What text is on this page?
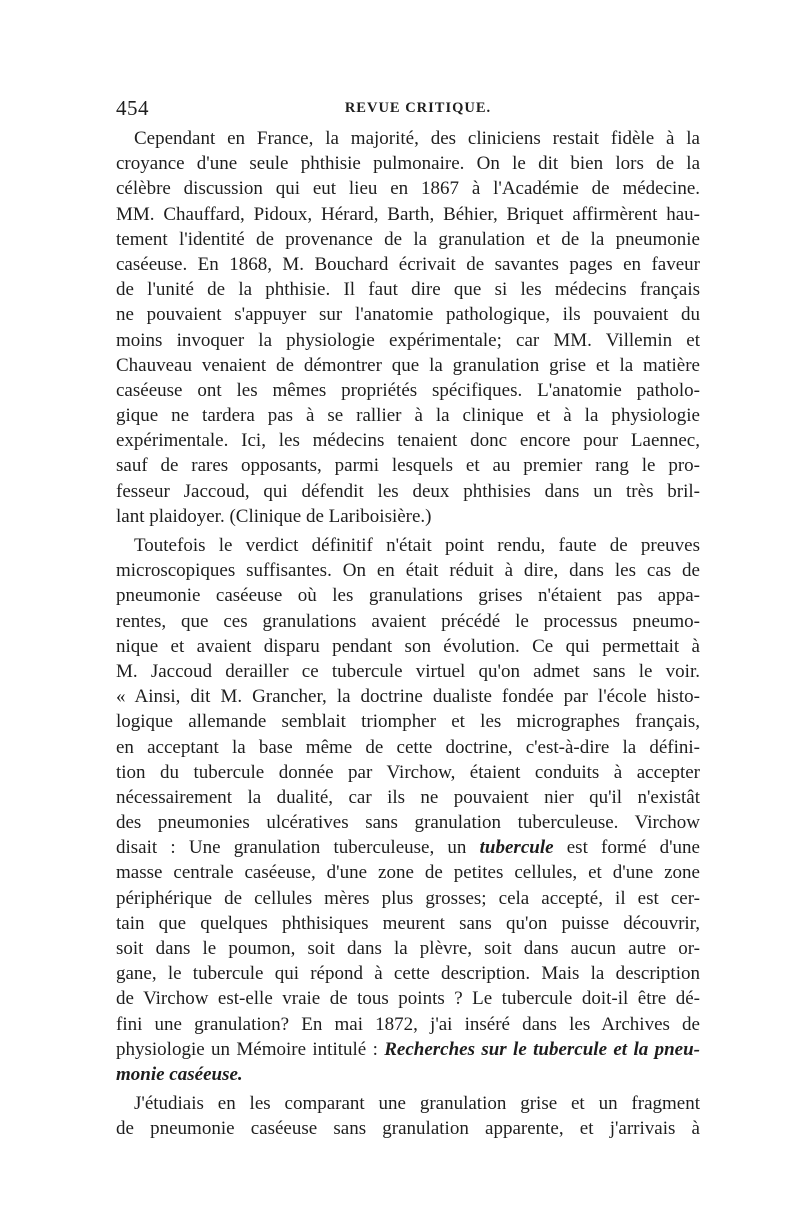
454	REVUE CRITIQUE.
Cependant en France, la majorité, des cliniciens restait fidèle à la
croyance d'une seule phthisie pulmonaire. On le dit bien lors de la
célèbre discussion qui eut lieu en 1867 à l'Académie de médecine.
MM. Chauffard, Pidoux, Hérard, Barth, Béhier, Briquet affirmèrent hau-
tement l'identité de provenance de la granulation et de la pneumonie
caséeuse. En 1868, M. Bouchard écrivait de savantes pages en faveur
de l'unité de la phthisie. Il faut dire que si les médecins français
ne pouvaient s'appuyer sur l'anatomie pathologique, ils pouvaient du
moins invoquer la physiologie expérimentale; car MM. Villemin et
Chauveau venaient de démontrer que la granulation grise et la matière
caséeuse ont les mêmes propriétés spécifiques. L'anatomie patholo-
gique ne tardera pas à se rallier à la clinique et à la physiologie
expérimentale. Ici, les médecins tenaient donc encore pour Laennec,
sauf de rares opposants, parmi lesquels et au premier rang le pro-
fesseur Jaccoud, qui défendit les deux phthisies dans un très bril-
lant plaidoyer. (Clinique de Lariboisière.)
Toutefois le verdict définitif n'était point rendu, faute de preuves
microscopiques suffisantes. On en était réduit à dire, dans les cas de
pneumonie caséeuse où les granulations grises n'étaient pas appa-
rentes, que ces granulations avaient précédé le processus pneumo-
nique et avaient disparu pendant son évolution. Ce qui permettait à
M. Jaccoud derailler ce tubercule virtuel qu'on admet sans le voir.
« Ainsi, dit M. Grancher, la doctrine dualiste fondée par l'école histo-
logique allemande semblait triompher et les micrographes français,
en acceptant la base même de cette doctrine, c'est-à-dire la défini-
tion du tubercule donnée par Virchow, étaient conduits à accepter
nécessairement la dualité, car ils ne pouvaient nier qu'il n'existât
des pneumonies ulcératives sans granulation tuberculeuse. Virchow
disait : Une granulation tuberculeuse, un tubercule est formé d'une
masse centrale caséeuse, d'une zone de petites cellules, et d'une zone
périphérique de cellules mères plus grosses; cela accepté, il est cer-
tain que quelques phthisiques meurent sans qu'on puisse découvrir,
soit dans le poumon, soit dans la plèvre, soit dans aucun autre or-
gane, le tubercule qui répond à cette description. Mais la description
de Virchow est-elle vraie de tous points ? Le tubercule doit-il être dé-
fini une granulation? En mai 1872, j'ai inséré dans les Archives de
physiologie un Mémoire intitulé : Recherches sur le tubercule et la pneu-
monie caséeuse.
J'étudiais en les comparant une granulation grise et un fragment
de pneumonie caséeuse sans granulation apparente, et j'arrivais à
